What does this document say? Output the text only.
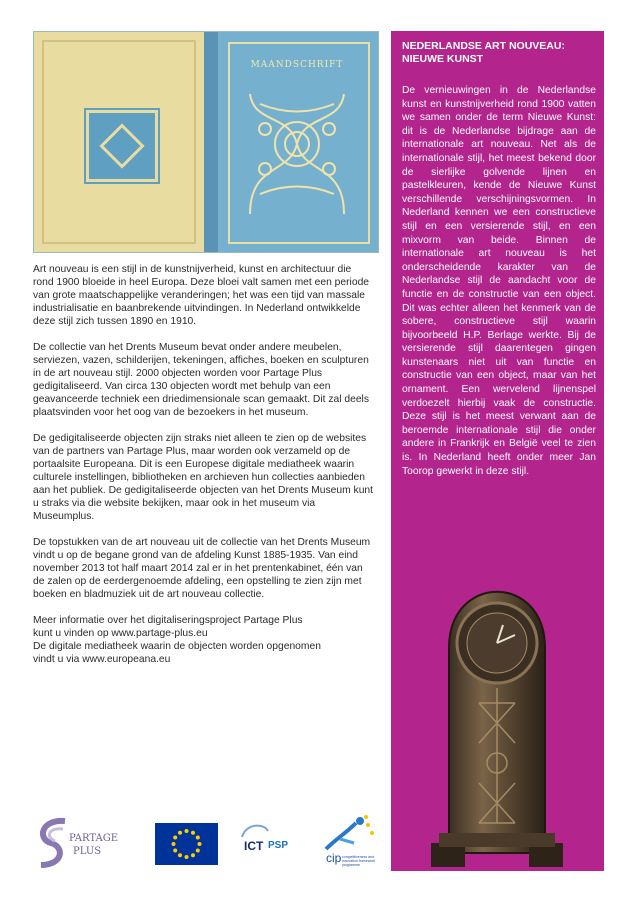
MAANDSCHRIFT

Art nouveau is een stijl in de kunstnijverheid, kunst en architectuur die rond 1900 bloeide in heel Europa. Deze bloei valt samen met een periode van grote maatschappelijke veranderingen; het was een tijd van massale industrialisatie en baanbrekende uitvindingen. In Nederland ontwikkelde deze stijl zich tussen 1890 en 1910.

De collectie van het Drents Museum bevat onder andere meubelen, serviezen, vazen, schilderijen, tekeningen, affiches, boeken en sculpturen in de art nouveau stijl. 2000 objecten worden voor Partage Plus gedigitaliseerd. Van circa 130 objecten wordt met behulp van een geavanceerde techniek een driedimensionale scan gemaakt. Dit zal deels plaatsvinden voor het oog van de bezoekers in het museum.

De gedigitaliseerde objecten zijn straks niet alleen te zien op de websites van de partners van Partage Plus, maar worden ook verzameld op de portaalsite Europeana. Dit is een Europese digitale mediatheek waarin culturele instellingen, bibliotheken en archieven hun collecties aanbieden aan het publiek. De gedigitaliseerde objecten van het Drents Museum kunt u straks via die website bekijken, maar ook in het museum via Museumplus.

De topstukken van de art nouveau uit de collectie van het Drents Museum vindt u op de begane grond van de afdeling Kunst 1885-1935. Van eind november 2013 tot half maart 2014 zal er in het prentenkabinet, één van de zalen op de eerdergenoemde afdeling, een opstelling te zien zijn met boeken en bladmuziek uit de art nouveau collectie.

Meer informatie over het digitaliseringsproject Partage Plus
kunt u vinden op www.partage-plus.eu
De digitale mediatheek waarin de objecten worden opgenomen
vindt u via www.europeana.eu

NEDERLANDSE ART NOUVEAU: NIEUWE KUNST
De vernieuwingen in de Nederlandse kunst en kunstnijverheid rond 1900 vatten we samen onder de term Nieuwe Kunst: dit is de Nederlandse bijdrage aan de internationale art nouveau. Net als de internationale stijl, het meest bekend door de sierlijke golvende lijnen en pastelkleuren, kende de Nieuwe Kunst verschillende verschijningsvormen. In Nederland kennen we een constructieve stijl en een versierende stijl, en een mixvorm van beide. Binnen de internationale art nouveau is het onderscheidende karakter van de Nederlandse stijl de aandacht voor de functie en de constructie van een object. Dit was echter alleen het kenmerk van de sobere, constructieve stijl waarin bijvoorbeeld H.P. Berlage werkte. Bij de versierende stijl daarentegen gingen kunstenaars niet uit van functie en constructie van een object, maar van het ornament. Een wervelend lijnenspel verdoezelt hierbij vaak de constructie. Deze stijl is het meest verwant aan de beroemde internationale stijl die onder andere in Frankrijk en België veel te zien is. In Nederland heeft onder meer Jan Toorop gewerkt in deze stijl.
PARTAGE
PLUS	ICT PSP
cip competitiveness and innovation framework programme
